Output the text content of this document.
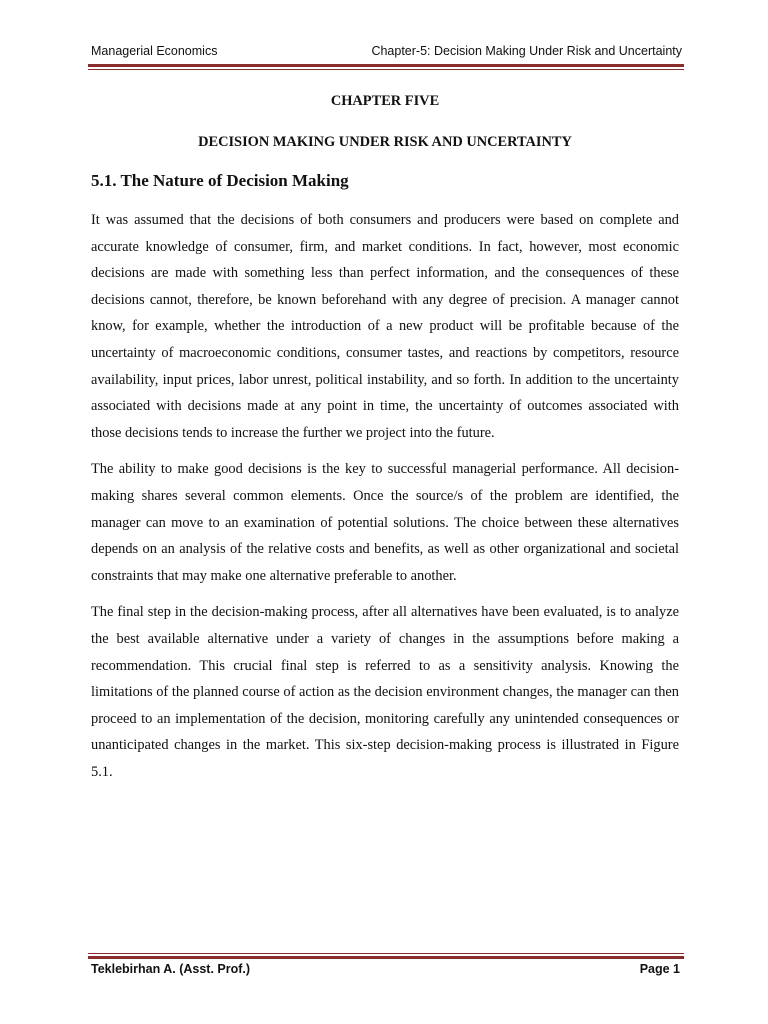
Managerial Economics	Chapter-5: Decision Making Under Risk and Uncertainty
CHAPTER FIVE
DECISION MAKING UNDER RISK AND UNCERTAINTY
5.1. The Nature of Decision Making

It was assumed that the decisions of both consumers and producers were based on complete and accurate knowledge of consumer, firm, and market conditions. In fact, however, most economic decisions are made with something less than perfect information, and the consequences of these decisions cannot, therefore, be known beforehand with any degree of precision. A manager cannot know, for example, whether the introduction of a new product will be profitable because of the uncertainty of macroeconomic conditions, consumer tastes, and reactions by competitors, resource availability, input prices, labor unrest, political instability, and so forth. In addition to the uncertainty associated with decisions made at any point in time, the uncertainty of outcomes associated with those decisions tends to increase the further we project into the future.

The ability to make good decisions is the key to successful managerial performance. All decision-making shares several common elements. Once the source/s of the problem are identified, the manager can move to an examination of potential solutions. The choice between these alternatives depends on an analysis of the relative costs and benefits, as well as other organizational and societal constraints that may make one alternative preferable to another.

The final step in the decision-making process, after all alternatives have been evaluated, is to analyze the best available alternative under a variety of changes in the assumptions before making a recommendation. This crucial final step is referred to as a sensitivity analysis. Knowing the limitations of the planned course of action as the decision environment changes, the manager can then proceed to an implementation of the decision, monitoring carefully any unintended consequences or unanticipated changes in the market. This six-step decision-making process is illustrated in Figure 5.1.

Teklebirhan A. (Asst. Prof.)	Page 1
